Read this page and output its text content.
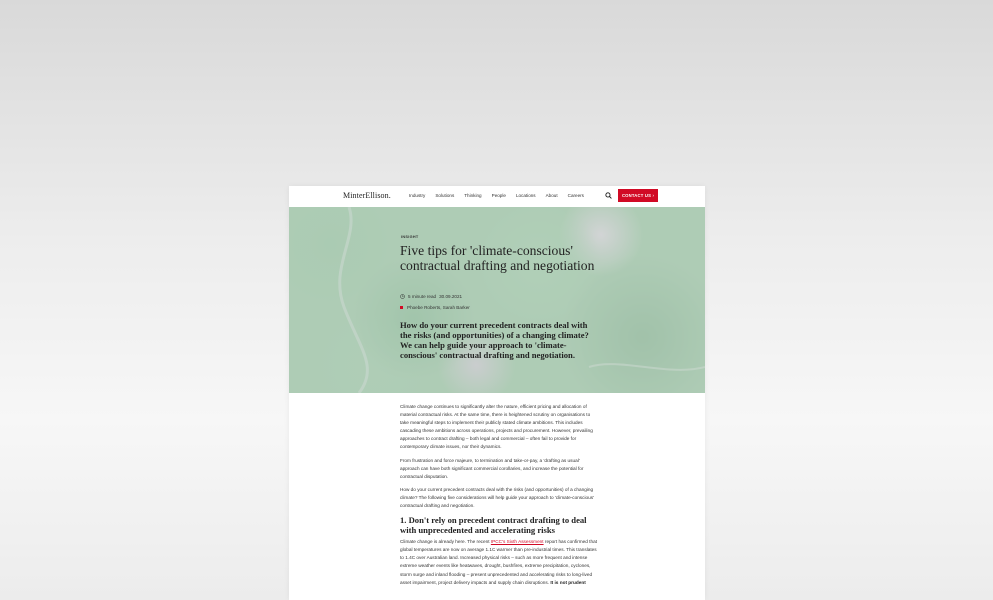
MinterEllison.	Industry Solutions Thinking People Locations About Careers	CONTACT US ›
INSIGHT
Five tips for 'climate-conscious' contractual drafting and negotiation
5 minute read 30.09.2021
Phoebe Roberts, Sarah Barker

How do your current precedent contracts deal with the risks (and opportunities) of a changing climate? We can help guide your approach to 'climate-conscious' contractual drafting and negotiation.

Climate change continues to significantly alter the nature, efficient pricing and allocation of material contractual risks. At the same time, there is heightened scrutiny on organisations to take meaningful steps to implement their publicly stated climate ambitions. This includes cascading these ambitions across operations, projects and procurement. However, prevailing approaches to contract drafting – both legal and commercial – often fail to provide for contemporary climate issues, nor their dynamics.

From frustration and force majeure, to termination and take-or-pay, a 'drafting as usual' approach can have both significant commercial corollaries, and increase the potential for contractual disputation.

How do your current precedent contracts deal with the risks (and opportunities) of a changing climate? The following five considerations will help guide your approach to 'climate-conscious' contractual drafting and negotiation.

1. Don't rely on precedent contract drafting to deal with unprecedented and accelerating risks

Climate change is already here. The recent IPCC's Sixth Assessment report has confirmed that global temperatures are now on average 1.1C warmer than pre-industrial times. This translates to 1.4C over Australian land. Increased physical risks – such as more frequent and intense extreme weather events like heatwaves, drought, bushfires, extreme precipitation, cyclones, storm surge and inland flooding – present unprecedented and accelerating risks to long-lived asset impairment, project delivery impacts and supply chain disruptions. It is not prudent
